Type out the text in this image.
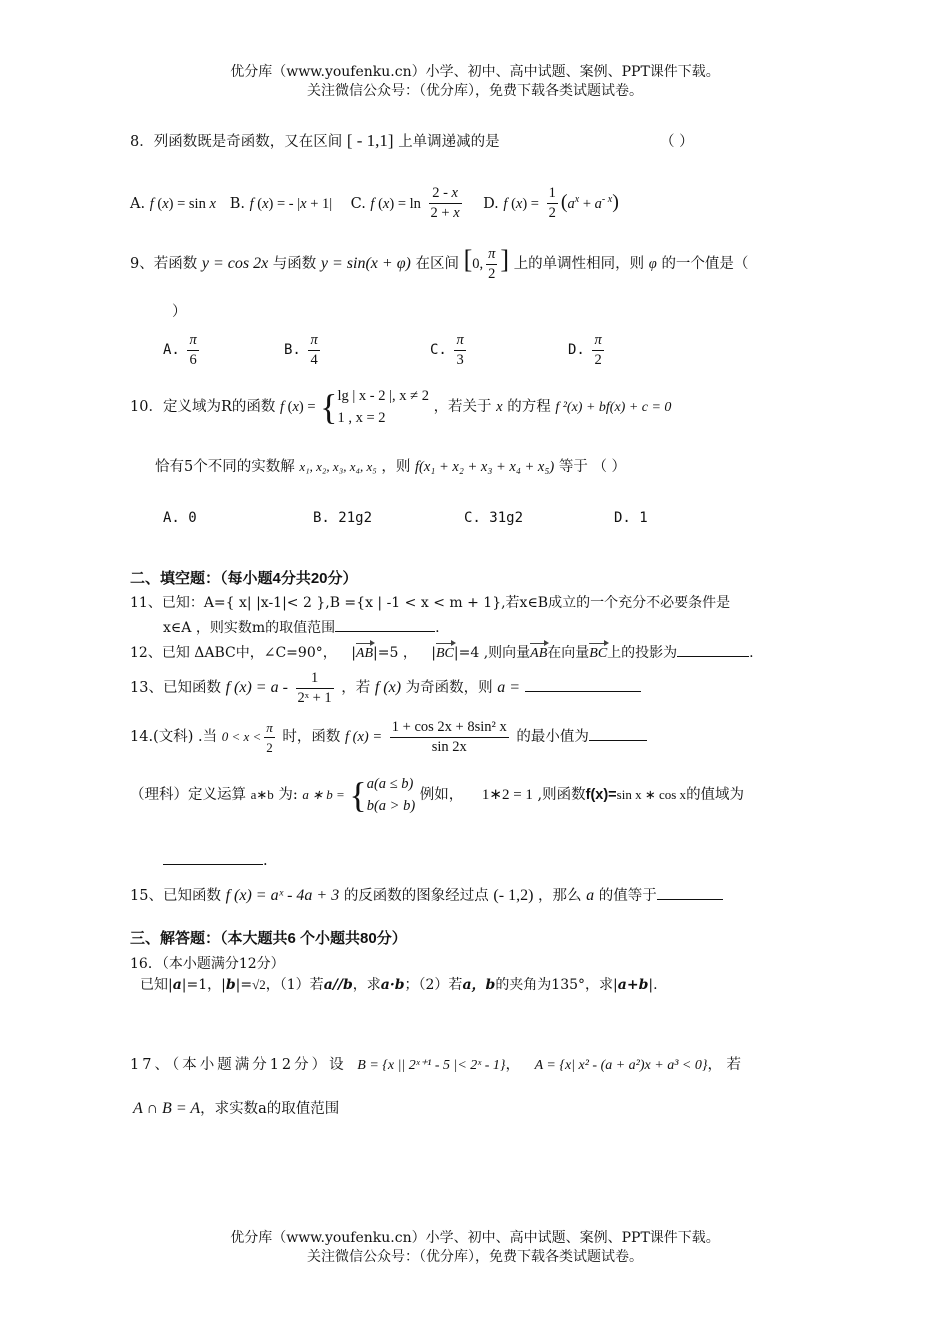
优分库（www.youfenku.cn）小学、初中、高中试题、案例、PPT课件下载。
关注微信公众号：（优分库），免费下载各类试题试卷。
8．列函数既是奇函数，又在区间 [ - 1,1] 上单调递减的是	（ ）
A. f (x) = sin x B. f (x) = - |x + 1| C. f $(x) = \ln \frac{2 - x}{2 + x} D$. f $(x) = \frac{1}{2} (a^x + a^{- x})$
9、若函数 y = cos 2x 与函数 y = sin(x + φ) 在区间 [0, $\frac{\pi}{2}$ ] 上的单调性相同，则 φ 的一个值是（
）
A. $\frac{\pi}{6}$	B. $\frac{\pi}{4}$	C. $\frac{\pi}{3}$	D. $\frac{\pi}{2}$
10．定义域为R的函数 f (x) = { lg | x - 2 |, x ≠ 2
1 , x = 2
，若关于 x 的方程 f ²(x) + bf(x) + c = 0
恰有5个不同的实数解 x₁, x₂, x₃, x₄, x₅ ，则 f(x₁ + x₂ + x₃ + x₄ + x₅) 等于 （ ）
A. 0	B. 21g2	C. 31g2	D. 1
二、填空题：（每小题4分共20分）
11、已知：A={ x| |x-1|< 2 },B ={x | -1 < x < m + 1},若x∈B成立的一个充分不必要条件是
x∈A ，则实数m的取值范围	.
12、已知 ΔABC中，∠C=90°， |AB|=5 ， |BC|=4 ,则向量AB在向量BC上的投影为	.
13、已知函数 f $(x) = a - \frac{1}{\text{2ˣ + 1}}$ ，若 f (x) 为奇函数，则 a =
14.(文科) .当 $0 < x < \frac{\pi}{2}$ 时，函数 f $(x) = \frac{\text{1 + cos 2x + 8sin² x}}{\sin 2x}$ 的最小值为
（理科）定义运算 a∗b 为: a ∗ b = { a(a ≤ b)
b(a > b)
例如， 1∗2 = 1 ,则函数f(x)=sin x ∗ cos x的值域为
.
15、已知函数 f (x) = aˣ - 4a + 3 的反函数的图象经过点 (- 1,2) ，那么 a 的值等于
三、解答题：（本大题共6 个小题共80分）
16．（本小题满分12分）
已知|a|=1，|b|=√2，（1）若a//b，求a·b；（2）若a，b的夹角为135°，求|a+b|.
17、（本小题满分12分）设 B = {x || 2ˣ⁺¹ - 5 |< 2ˣ - 1}， A = {x| x² - (a + a²)x + a³ < 0}， 若
A ∩ B = A，求实数a的取值范围
优分库（www.youfenku.cn）小学、初中、高中试题、案例、PPT课件下载。
关注微信公众号：（优分库），免费下载各类试题试卷。
